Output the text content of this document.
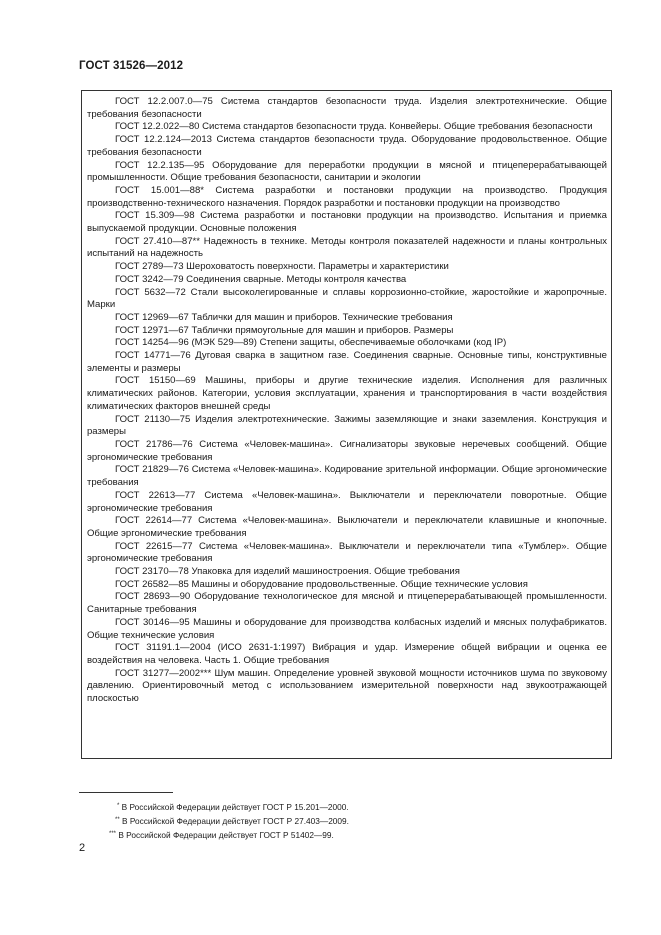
ГОСТ 31526—2012

ГОСТ 12.2.007.0—75 Система стандартов безопасности труда. Изделия электротехнические. Общие требования безопасности

ГОСТ 12.2.022—80 Система стандартов безопасности труда. Конвейеры. Общие требования безопасности

ГОСТ 12.2.124—2013 Система стандартов безопасности труда. Оборудование продовольственное. Общие требования безопасности

ГОСТ 12.2.135—95 Оборудование для переработки продукции в мясной и птицеперерабатывающей промышленности. Общие требования безопасности, санитарии и экологии

ГОСТ 15.001—88* Система разработки и постановки продукции на производство. Продукция производственно-технического назначения. Порядок разработки и постановки продукции на производство

ГОСТ 15.309—98 Система разработки и постановки продукции на производство. Испытания и приемка выпускаемой продукции. Основные положения

ГОСТ 27.410—87** Надежность в технике. Методы контроля показателей надежности и планы контрольных испытаний на надежность

ГОСТ 2789—73 Шероховатость поверхности. Параметры и характеристики

ГОСТ 3242—79 Соединения сварные. Методы контроля качества

ГОСТ 5632—72 Стали высоколегированные и сплавы коррозионно-стойкие, жаростойкие и жаропрочные. Марки

ГОСТ 12969—67 Таблички для машин и приборов. Технические требования

ГОСТ 12971—67 Таблички прямоугольные для машин и приборов. Размеры

ГОСТ 14254—96 (МЭК 529—89) Степени защиты, обеспечиваемые оболочками (код IP)

ГОСТ 14771—76 Дуговая сварка в защитном газе. Соединения сварные. Основные типы, конструктивные элементы и размеры

ГОСТ 15150—69 Машины, приборы и другие технические изделия. Исполнения для различных климатических районов. Категории, условия эксплуатации, хранения и транспортирования в части воздействия климатических факторов внешней среды

ГОСТ 21130—75 Изделия электротехнические. Зажимы заземляющие и знаки заземления. Конструкция и размеры

ГОСТ 21786—76 Система «Человек-машина». Сигнализаторы звуковые неречевых сообщений. Общие эргономические требования

ГОСТ 21829—76 Система «Человек-машина». Кодирование зрительной информации. Общие эргономические требования

ГОСТ 22613—77 Система «Человек-машина». Выключатели и переключатели поворотные. Общие эргономические требования

ГОСТ 22614—77 Система «Человек-машина». Выключатели и переключатели клавишные и кнопочные. Общие эргономические требования

ГОСТ 22615—77 Система «Человек-машина». Выключатели и переключатели типа «Тумблер». Общие эргономические требования

ГОСТ 23170—78 Упаковка для изделий машиностроения. Общие требования

ГОСТ 26582—85 Машины и оборудование продовольственные. Общие технические условия

ГОСТ 28693—90 Оборудование технологическое для мясной и птицеперерабатывающей промышленности. Санитарные требования

ГОСТ 30146—95 Машины и оборудование для производства колбасных изделий и мясных полуфабрикатов. Общие технические условия

ГОСТ 31191.1—2004 (ИСО 2631-1:1997) Вибрация и удар. Измерение общей вибрации и оценка ее воздействия на человека. Часть 1. Общие требования

ГОСТ 31277—2002*** Шум машин. Определение уровней звуковой мощности источников шума по звуковому давлению. Ориентировочный метод с использованием измерительной поверхности над звукоотражающей плоскостью

* В Российской Федерации действует ГОСТ Р 15.201—2000.

** В Российской Федерации действует ГОСТ Р 27.403—2009.

*** В Российской Федерации действует ГОСТ Р 51402—99.

2
